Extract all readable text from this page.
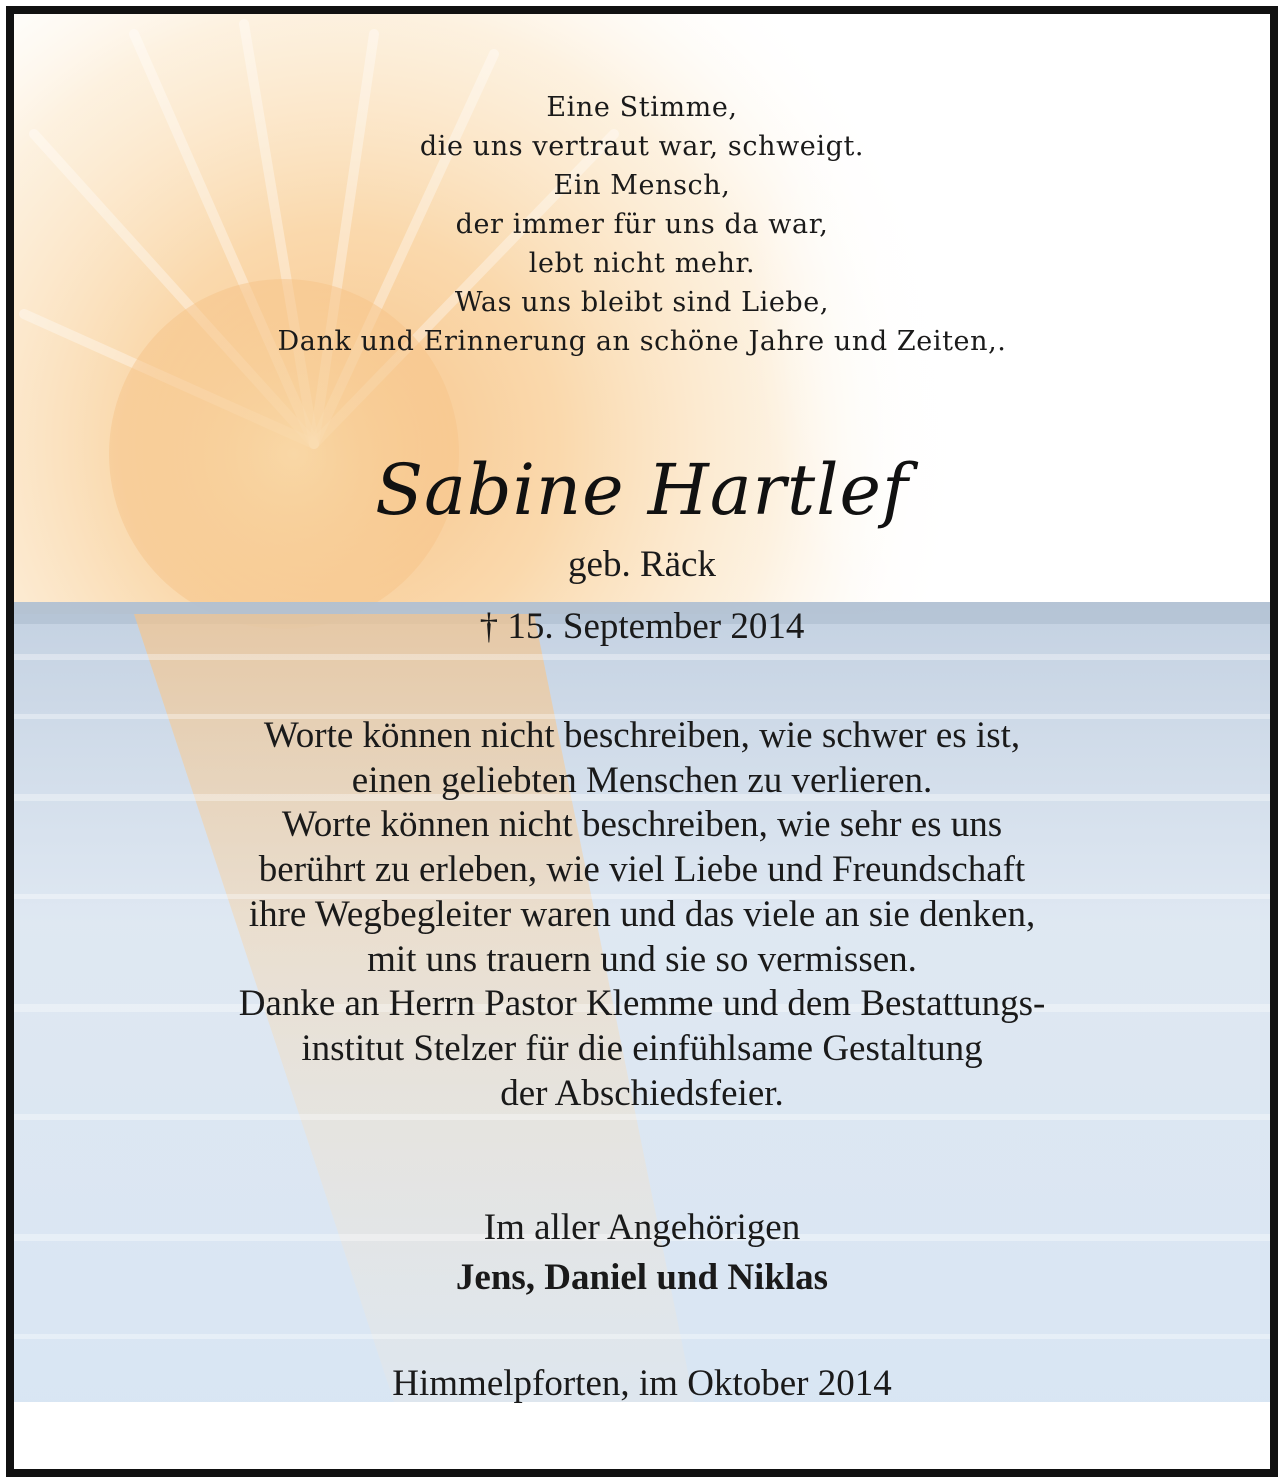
Eine Stimme,
die uns vertraut war, schweigt.
Ein Mensch,
der immer für uns da war,
lebt nicht mehr.
Was uns bleibt sind Liebe,
Dank und Erinnerung an schöne Jahre und Zeiten,.
Sabine Hartlef
geb. Räck
† 15. September 2014
Worte können nicht beschreiben, wie schwer es ist,
einen geliebten Menschen zu verlieren.
Worte können nicht beschreiben, wie sehr es uns
berührt zu erleben, wie viel Liebe und Freundschaft
ihre Wegbegleiter waren und das viele an sie denken,
mit uns trauern und sie so vermissen.
Danke an Herrn Pastor Klemme und dem Bestattungs-
institut Stelzer für die einfühlsame Gestaltung
der Abschiedsfeier.
Im aller Angehörigen
Jens, Daniel und Niklas
Himmelpforten, im Oktober 2014
